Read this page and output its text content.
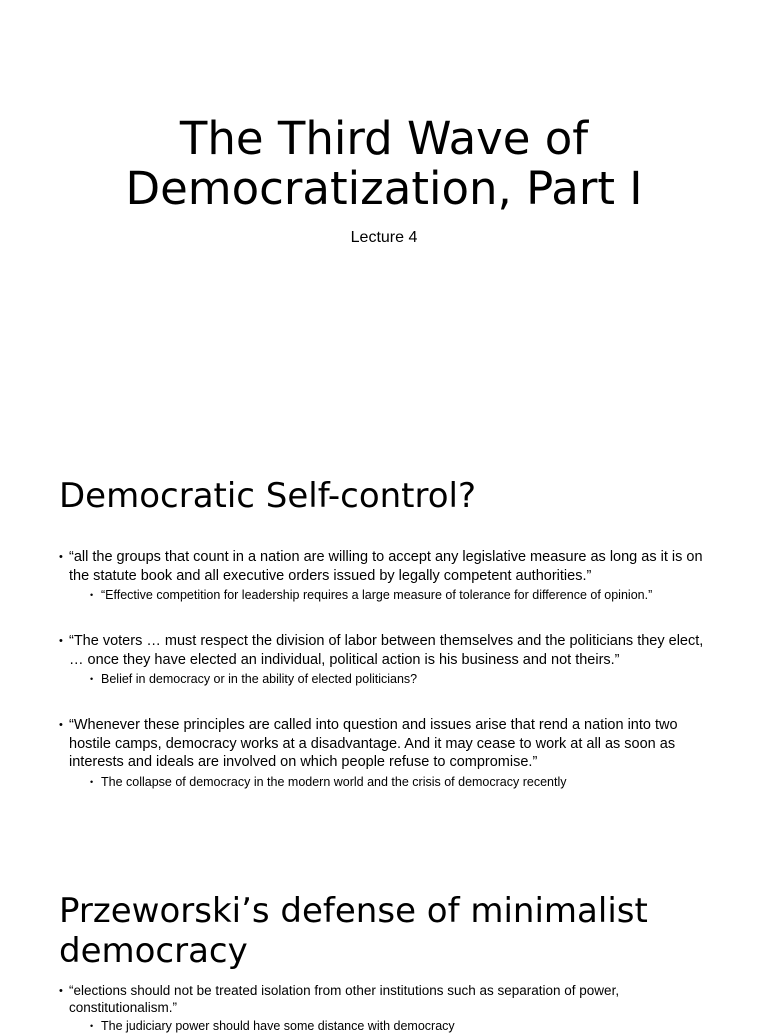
The Third Wave of Democratization, Part I

Lecture 4

Democratic Self-control?
• “all the groups that count in a nation are willing to accept any legislative measure as long as it is on the statute book and all executive orders issued by legally competent authorities.”
• “Effective competition for leadership requires a large measure of tolerance for difference of opinion.”
• “The voters … must respect the division of labor between themselves and the politicians they elect, … once they have elected an individual, political action is his business and not theirs.”
• Belief in democracy or in the ability of elected politicians?
• “Whenever these principles are called into question and issues arise that rend a nation into two hostile camps, democracy works at a disadvantage. And it may cease to work at all as soon as interests and ideals are involved on which people refuse to compromise.”
• The collapse of democracy in the modern world and the crisis of democracy recently
Przeworski’s defense of minimalist democracy
• “elections should not be treated isolation from other institutions such as separation of power, constitutionalism.”
• The judiciary power should have some distance with democracy
